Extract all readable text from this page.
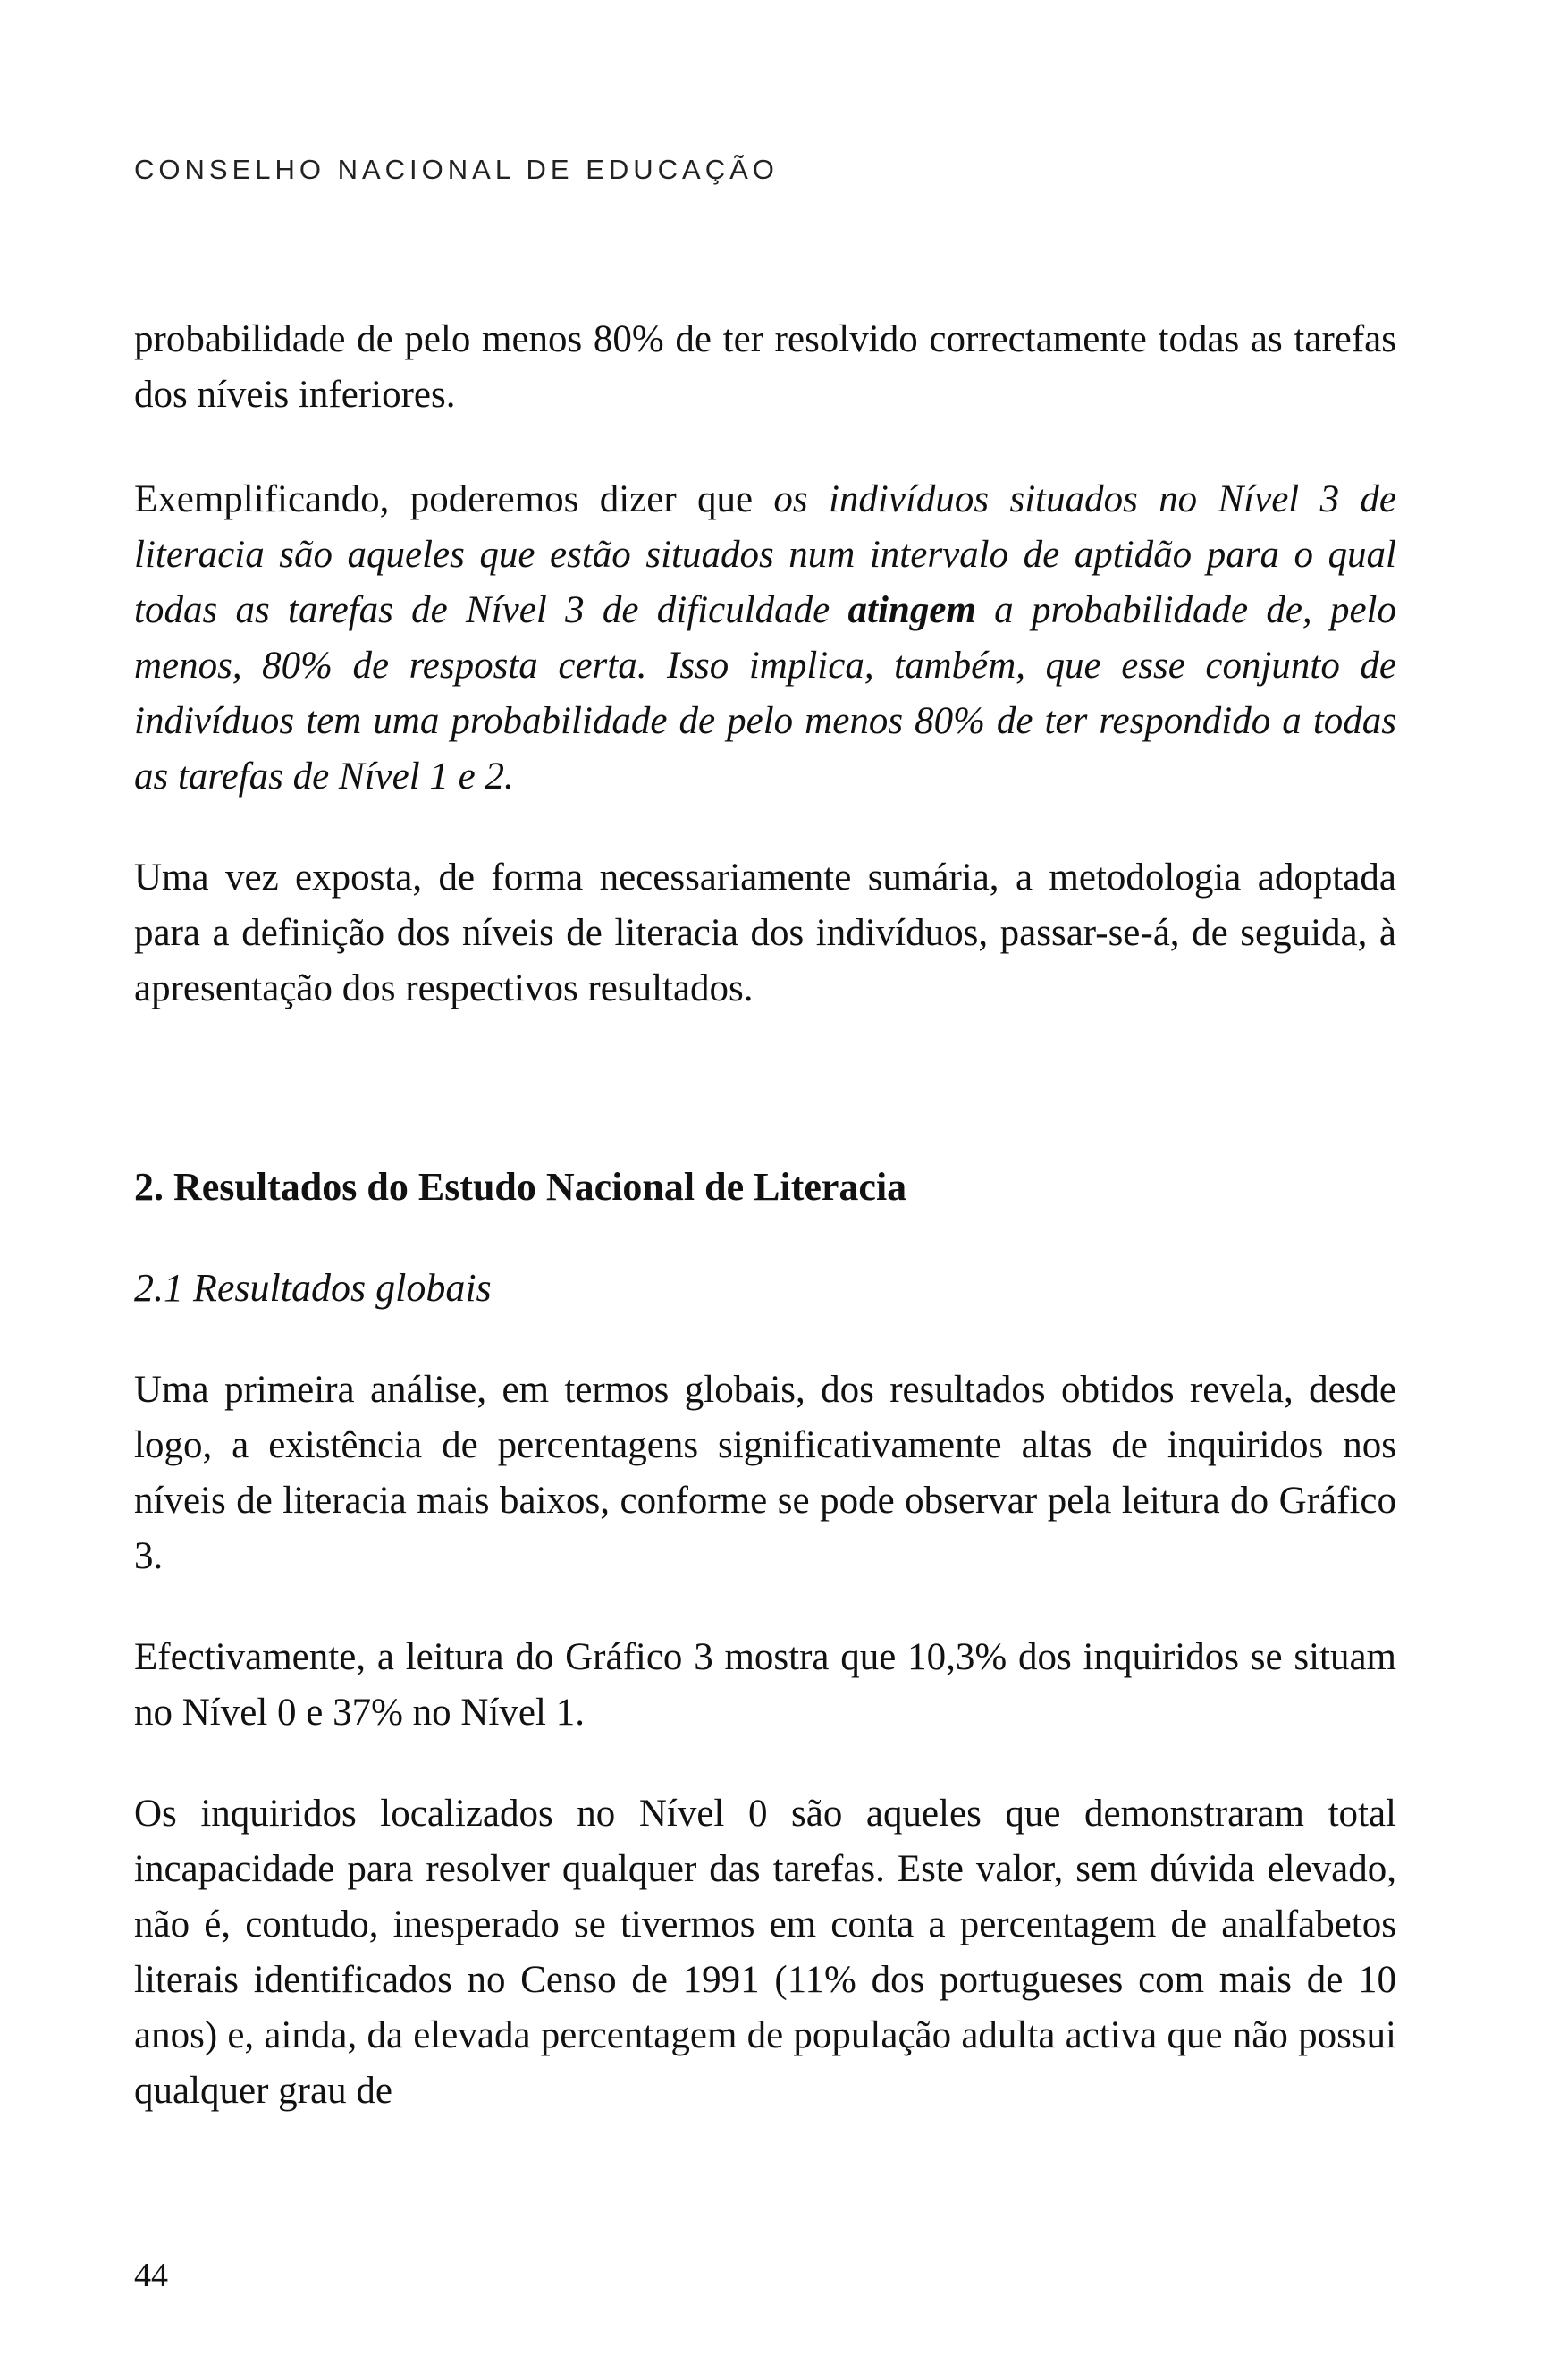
CONSELHO NACIONAL DE EDUCAÇÃO

probabilidade de pelo menos 80% de ter resolvido correctamente todas as tarefas dos níveis inferiores.

Exemplificando, poderemos dizer que os indivíduos situados no Nível 3 de literacia são aqueles que estão situados num intervalo de aptidão para o qual todas as tarefas de Nível 3 de dificuldade atingem a probabilidade de, pelo menos, 80% de resposta certa. Isso implica, também, que esse conjunto de indivíduos tem uma probabilidade de pelo menos 80% de ter respondido a todas as tarefas de Nível 1 e 2.

Uma vez exposta, de forma necessariamente sumária, a metodologia adoptada para a definição dos níveis de literacia dos indivíduos, passar-se-á, de seguida, à apresentação dos respectivos resultados.

2. Resultados do Estudo Nacional de Literacia
2.1 Resultados globais

Uma primeira análise, em termos globais, dos resultados obtidos revela, desde logo, a existência de percentagens significativamente altas de inquiridos nos níveis de literacia mais baixos, conforme se pode observar pela leitura do Gráfico 3.

Efectivamente, a leitura do Gráfico 3 mostra que 10,3% dos inquiridos se situam no Nível 0 e 37% no Nível 1.

Os inquiridos localizados no Nível 0 são aqueles que demonstraram total incapacidade para resolver qualquer das tarefas. Este valor, sem dúvida elevado, não é, contudo, inesperado se tivermos em conta a percentagem de analfabetos literais identificados no Censo de 1991 (11% dos portugueses com mais de 10 anos) e, ainda, da elevada percentagem de população adulta activa que não possui qualquer grau de

44
